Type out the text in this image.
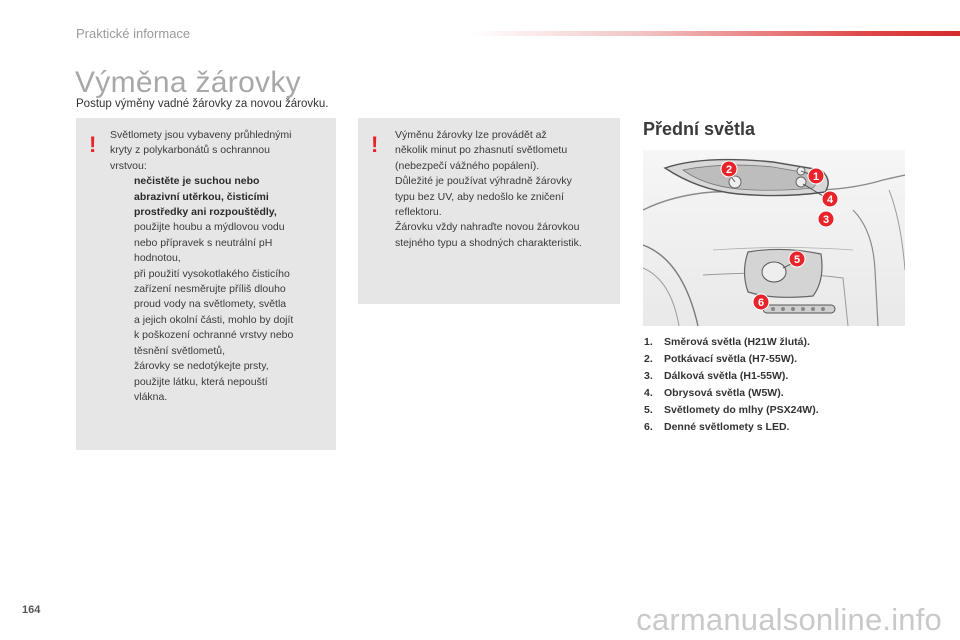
Praktické informace
Výměna žárovky
Postup výměny vadné žárovky za novou žárovku.
! Světlomety jsou vybaveny průhlednými
kryty z polykarbonátů s ochrannou
vrstvou:
nečistěte je suchou nebo
abrazivní utěrkou, čisticími
prostředky ani rozpouštědly,
použijte houbu a mýdlovou vodu
nebo přípravek s neutrální pH
hodnotou,
při použití vysokotlakého čisticího
zařízení nesměrujte příliš dlouho
proud vody na světlomety, světla
a jejich okolní části, mohlo by dojít
k poškození ochranné vrstvy nebo
těsnění světlometů,
žárovky se nedotýkejte prsty,
použijte látku, která nepouští
vlákna.
! Výměnu žárovky lze provádět až
několik minut po zhasnutí světlometu
(nebezpečí vážného popálení).
Důležité je používat výhradně žárovky
typu bez UV, aby nedošlo ke zničení
reflektoru.
Žárovku vždy nahraďte novou žárovkou
stejného typu a shodných charakteristik.
Přední světla
2
1
4
3
5
6
1. Směrová světla (H21W žlutá).
2. Potkávací světla (H7-55W).
3. Dálková světla (H1-55W).
4. Obrysová světla (W5W).
5. Světlomety do mlhy (PSX24W).
6. Denné světlomety s LED.
164	carmanualsonline.info
